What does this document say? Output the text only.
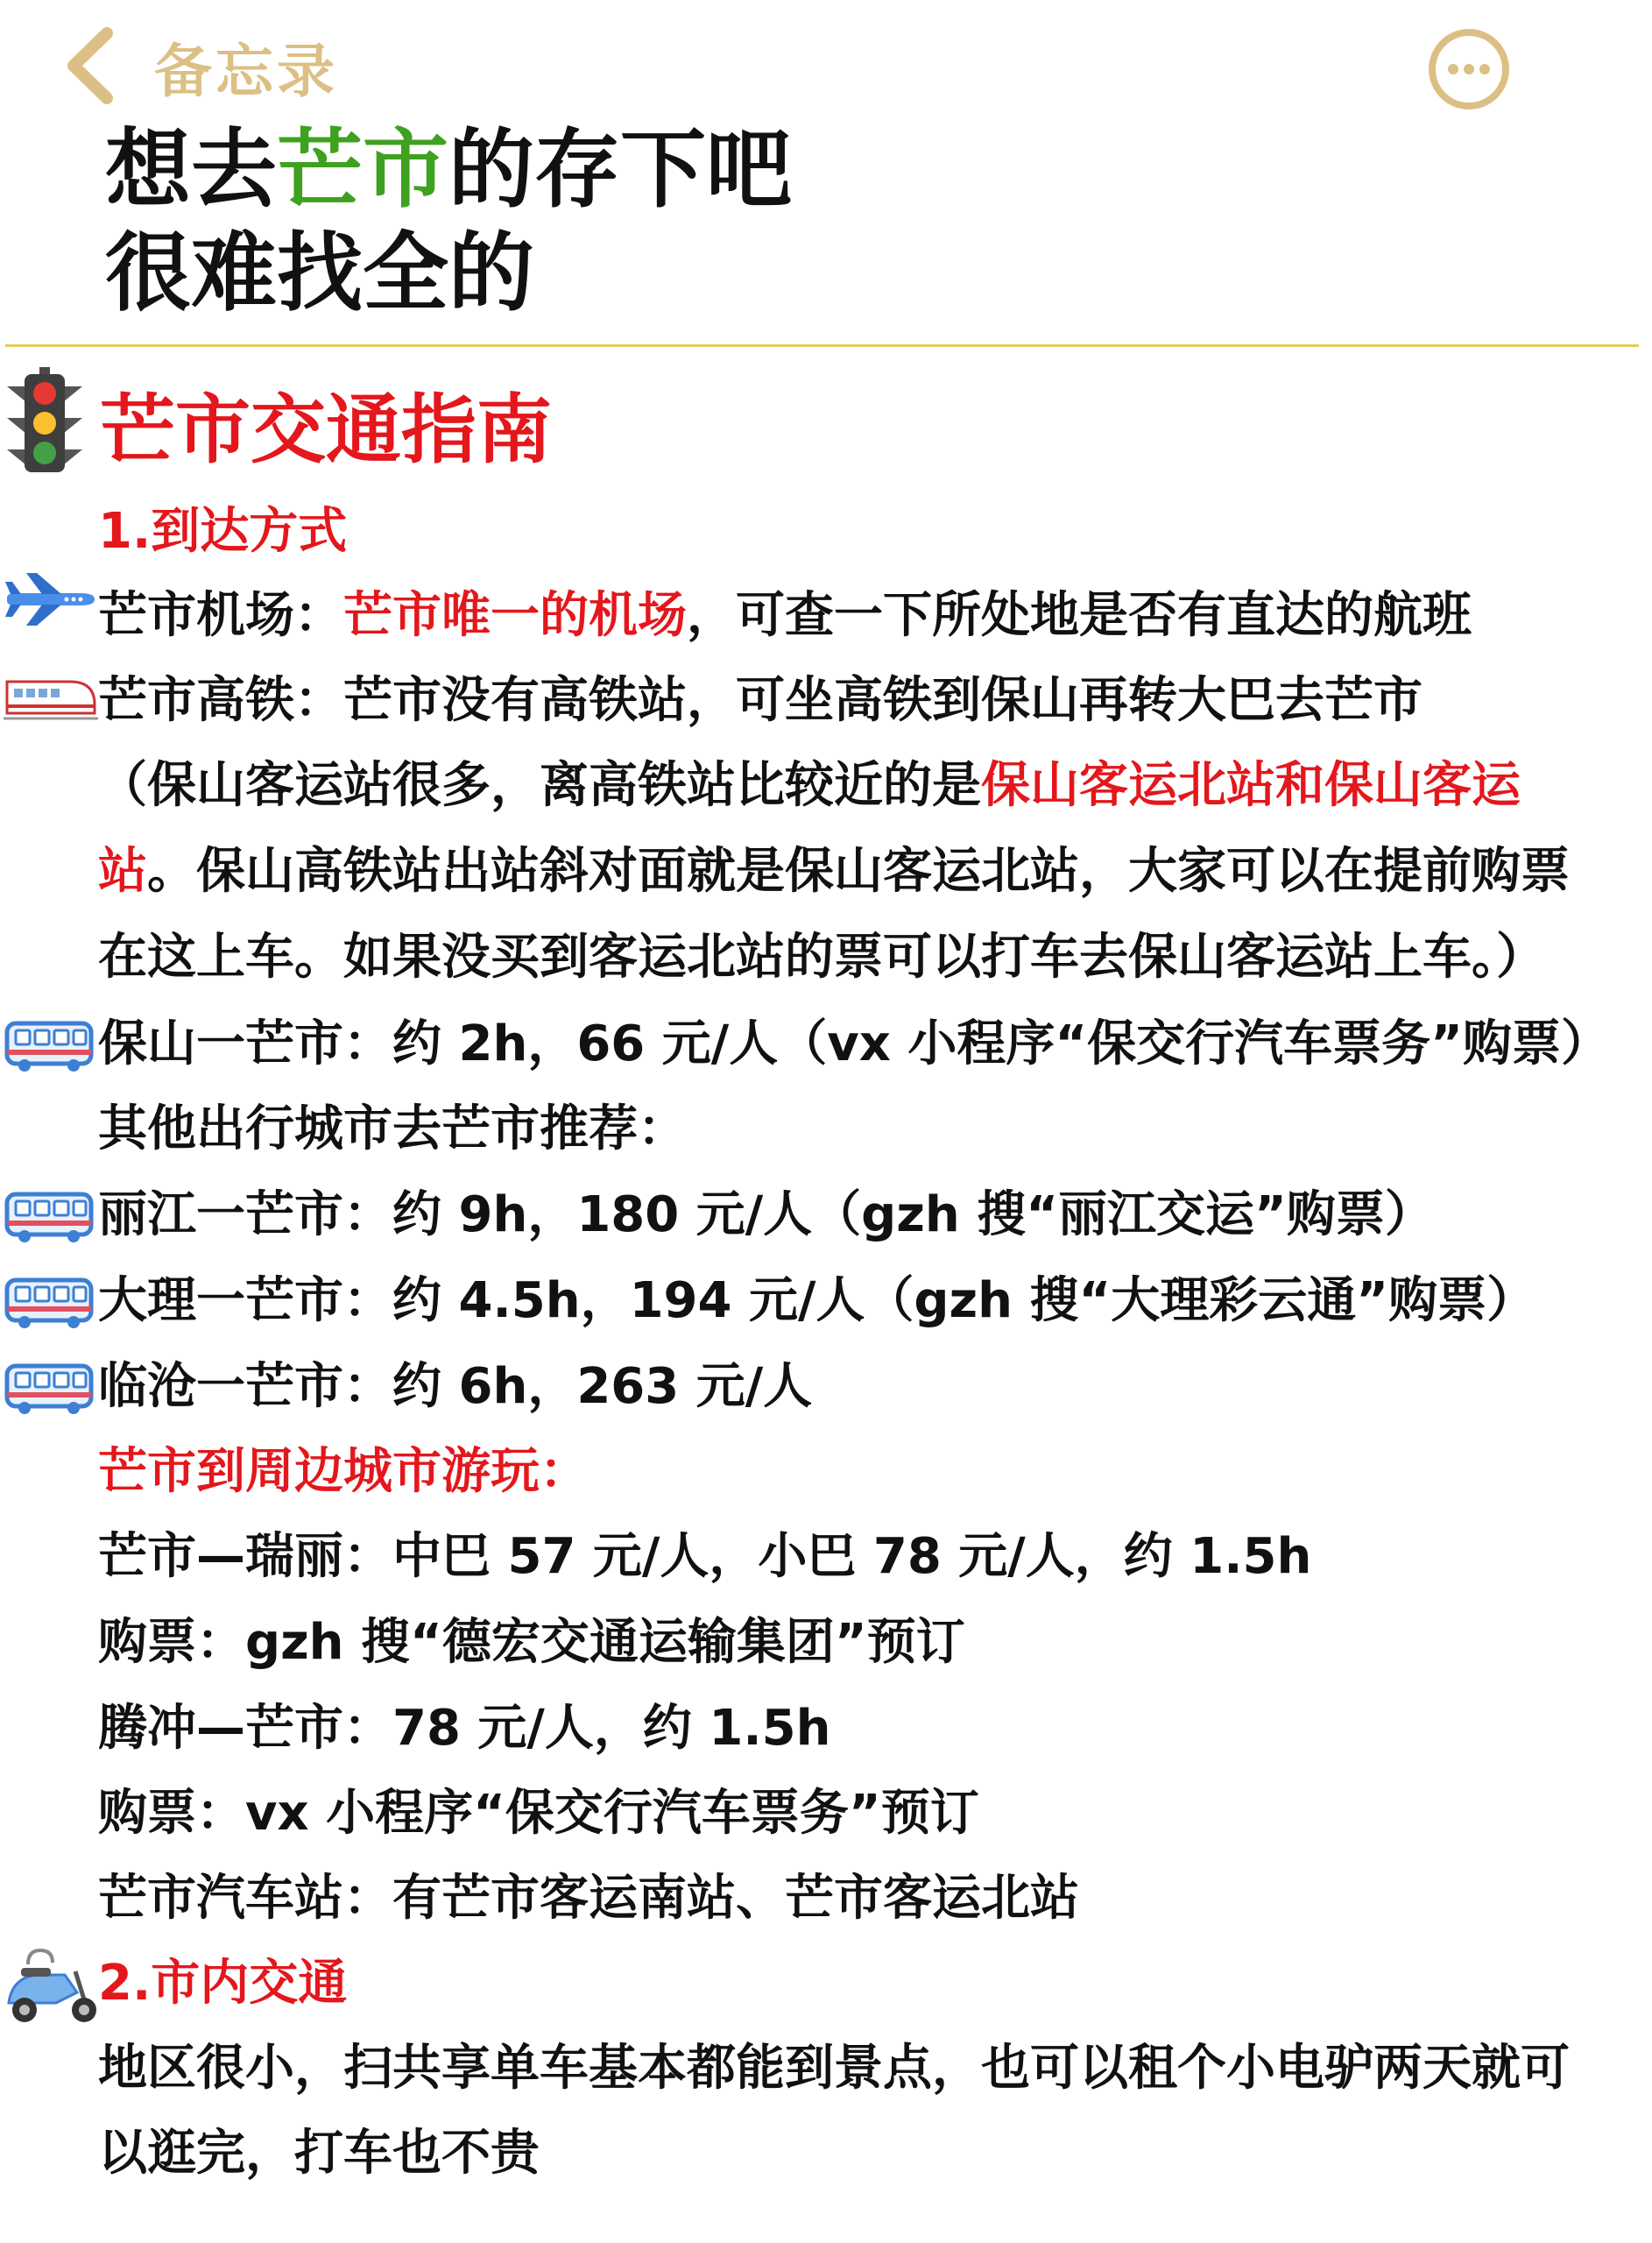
备忘录
想去芒市的存下吧
很难找全的
芒市交通指南
1.到达方式
芒市机场：芒市唯一的机场，可查一下所处地是否有直达的航班
芒市高铁：芒市没有高铁站，可坐高铁到保山再转大巴去芒市
（保山客运站很多，离高铁站比较近的是保山客运北站和保山客运
站。保山高铁站出站斜对面就是保山客运北站，大家可以在提前购票
在这上车。如果没买到客运北站的票可以打车去保山客运站上车。）
保山一芒市：约 2h，66 元/人（vx 小程序“保交行汽车票务”购票）
其他出行城市去芒市推荐：
丽江一芒市：约 9h，180 元/人（gzh 搜“丽江交运”购票）
大理一芒市：约 4.5h，194 元/人（gzh 搜“大理彩云通”购票）
临沧一芒市：约 6h，263 元/人
芒市到周边城市游玩：
芒市—瑞丽：中巴 57 元/人，小巴 78 元/人，约 1.5h
购票：gzh 搜“德宏交通运输集团”预订
腾冲—芒市：78 元/人，约 1.5h
购票：vx 小程序“保交行汽车票务”预订
芒市汽车站：有芒市客运南站、芒市客运北站
2.市内交通
地区很小，扫共享单车基本都能到景点，也可以租个小电驴两天就可
以逛完，打车也不贵
